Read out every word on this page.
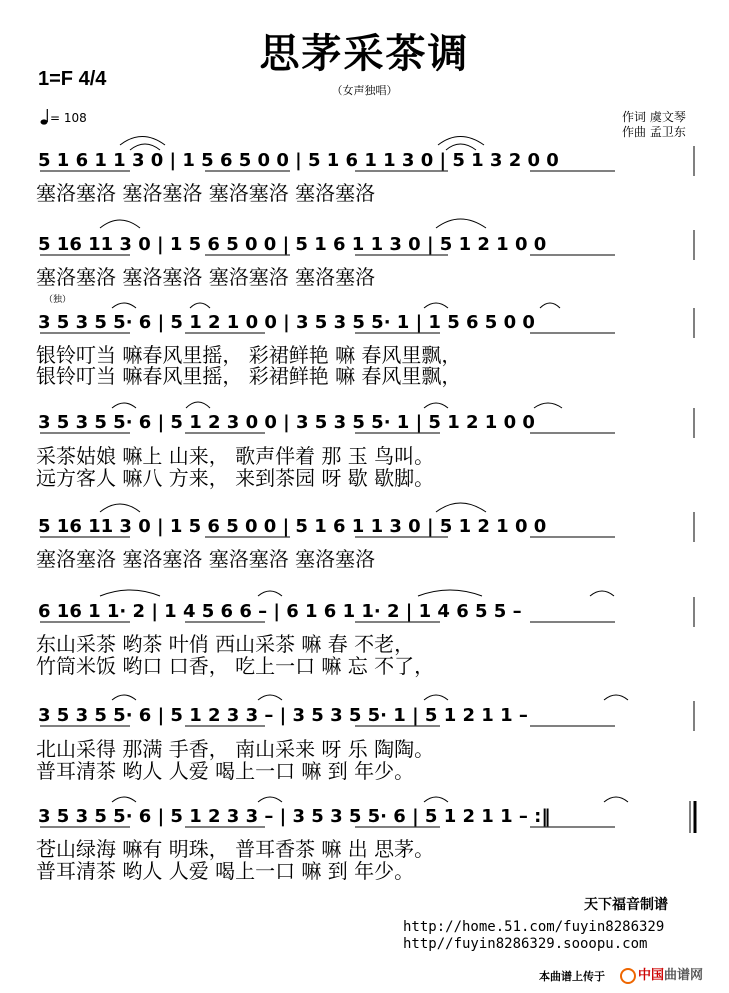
思茅采茶调
1=F 4/4
（女声独唱）
= 108	作词 虞文琴
作曲 孟卫东
5 1 6 1 1 3 0 | 1 5 6 5 0 0 | 5 1 6 1 1 3 0 | 5 1 3 2 0 0
塞洛塞洛 塞洛塞洛 塞洛塞洛 塞洛塞洛
5 16 11 3 0 | 1 5 6 5 0 0 | 5 1 6 1 1 3 0 | 5 1 2 1 0 0
塞洛塞洛 塞洛塞洛 塞洛塞洛 塞洛塞洛
（独）
3 5 3 5 5· 6 | 5 1 2 1 0 0 | 3 5 3 5 5· 1 | 1 5 6 5 0 0
银铃叮当 嘛春风里摇， 彩裙鲜艳 嘛 春风里飘，
银铃叮当 嘛春风里摇， 彩裙鲜艳 嘛 春风里飘，
3 5 3 5 5· 6 | 5 1 2 3 0 0 | 3 5 3 5 5· 1 | 5 1 2 1 0 0
采茶姑娘 嘛上 山来， 歌声伴着 那 玉 鸟叫。
远方客人 嘛八 方来， 来到茶园 呀 歇 歇脚。
5 16 11 3 0 | 1 5 6 5 0 0 | 5 1 6 1 1 3 0 | 5 1 2 1 0 0
塞洛塞洛 塞洛塞洛 塞洛塞洛 塞洛塞洛
6 16 1 1· 2 | 1 4 5 6 6 – | 6 1 6 1 1· 2 | 1 4 6 5 5 –
东山采茶 哟茶 叶俏 西山采茶 嘛 春 不老，
竹筒米饭 哟口 口香， 吃上一口 嘛 忘 不了，
3 5 3 5 5· 6 | 5 1 2 3 3 – | 3 5 3 5 5· 1 | 5 1 2 1 1 –
北山采得 那满 手香， 南山采来 呀 乐 陶陶。
普耳清茶 哟人 人爱 喝上一口 嘛 到 年少。
3 5 3 5 5· 6 | 5 1 2 3 3 – | 3 5 3 5 5· 6 | 5 1 2 1 1 – :‖
苍山绿海 嘛有 明珠， 普耳香茶 嘛 出 思茅。
普耳清茶 哟人 人爱 喝上一口 嘛 到 年少。
天下福音制谱
http://home.51.com/fuyin8286329
http//fuyin8286329.sooopu.com
本曲谱上传于	中国曲谱网
